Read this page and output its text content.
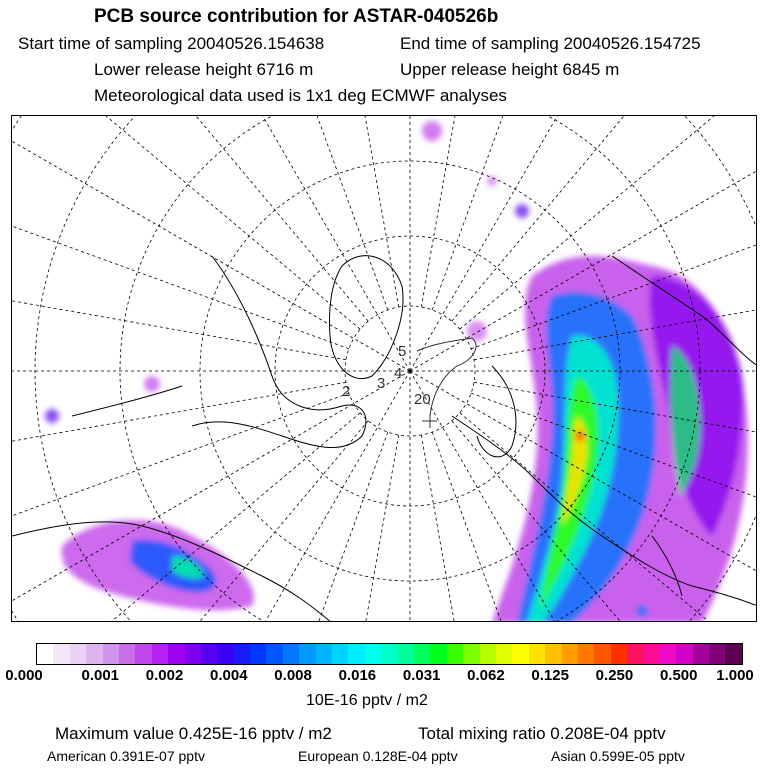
PCB source contribution for ASTAR-040526b
Start time of sampling 20040526.154638	End time of sampling 20040526.154725
Lower release height 6716 m	Upper release height 6845 m
Meteorological data used is 1x1 deg ECMWF analyses
2 3
4
5
20
0.000	0.001 0.002 0.004 0.008 0.016 0.031 0.062 0.125 0.250 0.500 1.000
10E-16 pptv / m2
Maximum value 0.425E-16 pptv / m2	Total mixing ratio 0.208E-04 pptv
American 0.391E-07 pptv	European 0.128E-04 pptv	Asian 0.599E-05 pptv
